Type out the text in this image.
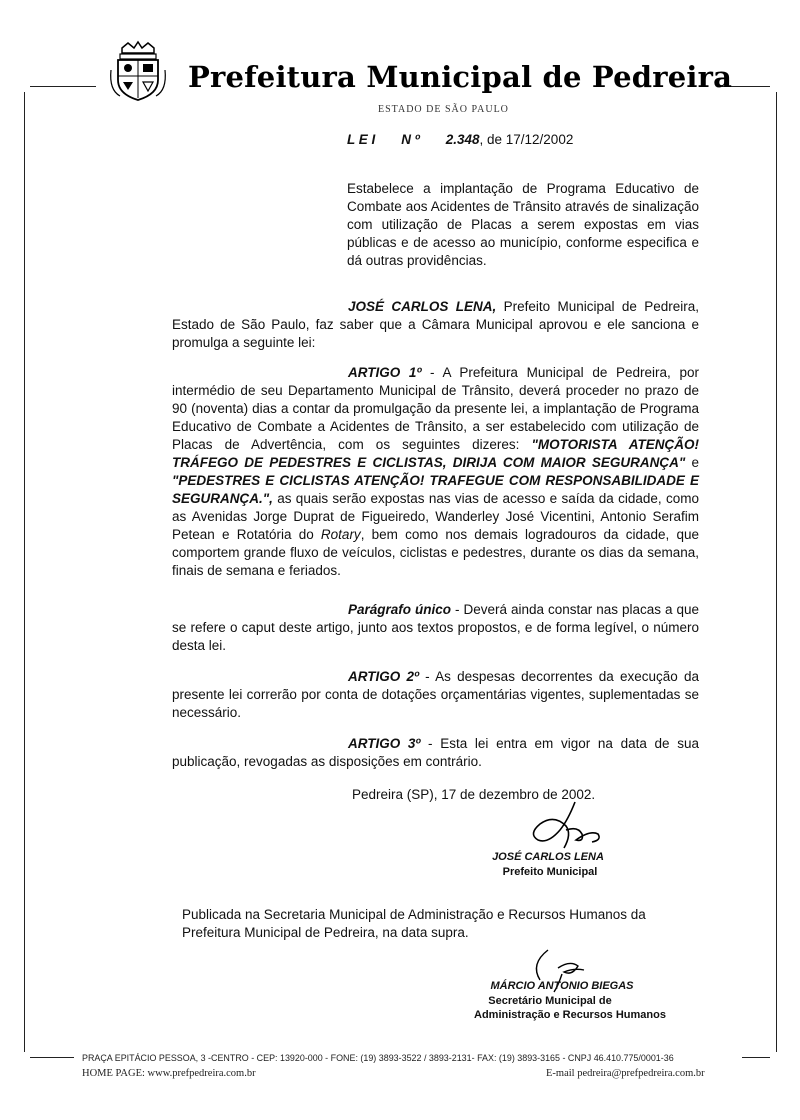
Prefeitura Municipal de Pedreira
ESTADO DE SÃO PAULO
L E I N º 2.348, de 17/12/2002
Estabelece a implantação de Programa Educativo de Combate aos Acidentes de Trânsito através de sinalização com utilização de Placas a serem expostas em vias públicas e de acesso ao município, conforme especifica e dá outras providências.
JOSÉ CARLOS LENA, Prefeito Municipal de Pedreira, Estado de São Paulo, faz saber que a Câmara Municipal aprovou e ele sanciona e promulga a seguinte lei:
ARTIGO 1º - A Prefeitura Municipal de Pedreira, por intermédio de seu Departamento Municipal de Trânsito, deverá proceder no prazo de 90 (noventa) dias a contar da promulgação da presente lei, a implantação de Programa Educativo de Combate a Acidentes de Trânsito, a ser estabelecido com utilização de Placas de Advertência, com os seguintes dizeres: "MOTORISTA ATENÇÃO! TRÁFEGO DE PEDESTRES E CICLISTAS, DIRIJA COM MAIOR SEGURANÇA" e "PEDESTRES E CICLISTAS ATENÇÃO! TRAFEGUE COM RESPONSABILIDADE E SEGURANÇA.", as quais serão expostas nas vias de acesso e saída da cidade, como as Avenidas Jorge Duprat de Figueiredo, Wanderley José Vicentini, Antonio Serafim Petean e Rotatória do Rotary, bem como nos demais logradouros da cidade, que comportem grande fluxo de veículos, ciclistas e pedestres, durante os dias da semana, finais de semana e feriados.
Parágrafo único - Deverá ainda constar nas placas a que se refere o caput deste artigo, junto aos textos propostos, e de forma legível, o número desta lei.
ARTIGO 2º - As despesas decorrentes da execução da presente lei correrão por conta de dotações orçamentárias vigentes, suplementadas se necessário.
ARTIGO 3º - Esta lei entra em vigor na data de sua publicação, revogadas as disposições em contrário.
Pedreira (SP), 17 de dezembro de 2002.
JOSÉ CARLOS LENA
Prefeito Municipal
Publicada na Secretaria Municipal de Administração e Recursos Humanos da Prefeitura Municipal de Pedreira, na data supra.
MÁRCIO ANTONIO BIEGAS
Secretário Municipal de
Administração e Recursos Humanos
PRAÇA EPITÁCIO PESSOA, 3 -CENTRO - CEP: 13920-000 - FONE: (19) 3893-3522 / 3893-2131- FAX: (19) 3893-3165 - CNPJ 46.410.775/0001-36
HOME PAGE: www.prefpedreira.com.br	E-mail pedreira@prefpedreira.com.br
